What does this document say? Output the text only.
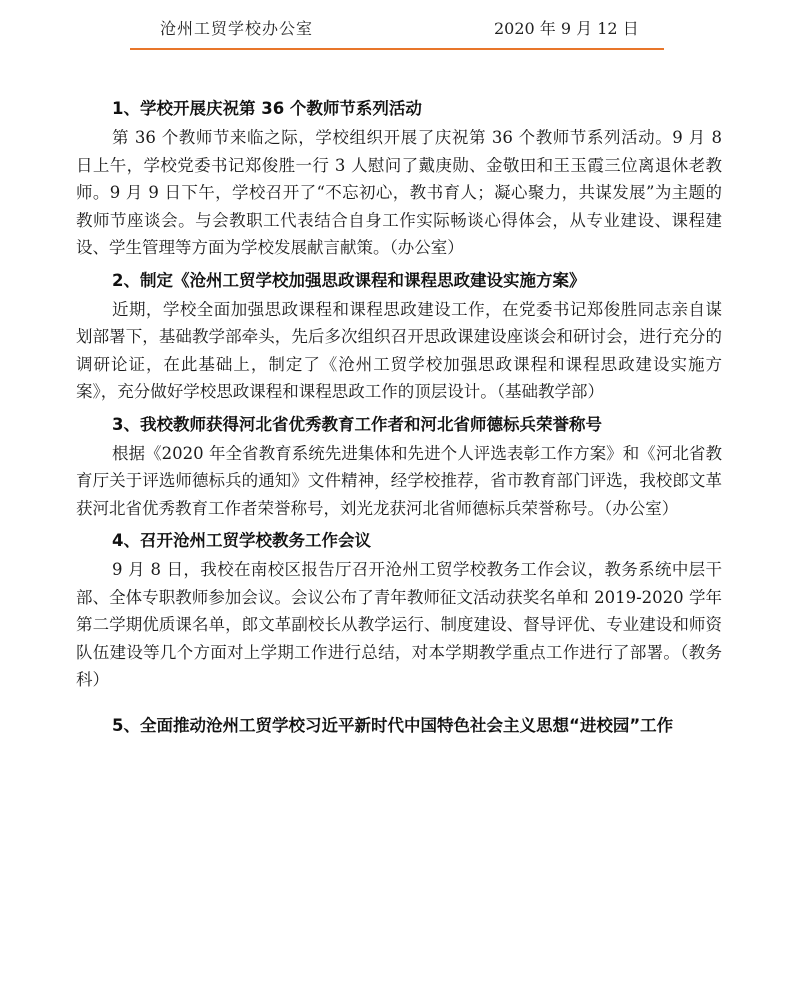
沧州工贸学校办公室	2020 年 9 月 12 日
1、学校开展庆祝第 36 个教师节系列活动

第 36 个教师节来临之际，学校组织开展了庆祝第 36 个教师节系列活动。9 月 8 日上午，学校党委书记郑俊胜一行 3 人慰问了戴庚勋、金敬田和王玉霞三位离退休老教师。9 月 9 日下午，学校召开了“不忘初心，教书育人；凝心聚力，共谋发展”为主题的教师节座谈会。与会教职工代表结合自身工作实际畅谈心得体会，从专业建设、课程建设、学生管理等方面为学校发展献言献策。（办公室）

2、制定《沧州工贸学校加强思政课程和课程思政建设实施方案》

近期，学校全面加强思政课程和课程思政建设工作，在党委书记郑俊胜同志亲自谋划部署下，基础教学部牵头，先后多次组织召开思政课建设座谈会和研讨会，进行充分的调研论证，在此基础上，制定了《沧州工贸学校加强思政课程和课程思政建设实施方案》，充分做好学校思政课程和课程思政工作的顶层设计。（基础教学部）

3、我校教师获得河北省优秀教育工作者和河北省师德标兵荣誉称号

根据《2020 年全省教育系统先进集体和先进个人评选表彰工作方案》和《河北省教育厅关于评选师德标兵的通知》文件精神，经学校推荐，省市教育部门评选，我校郎文革获河北省优秀教育工作者荣誉称号，刘光龙获河北省师德标兵荣誉称号。（办公室）

4、召开沧州工贸学校教务工作会议

9 月 8 日，我校在南校区报告厅召开沧州工贸学校教务工作会议，教务系统中层干部、全体专职教师参加会议。会议公布了青年教师征文活动获奖名单和 2019-2020 学年第二学期优质课名单，郎文革副校长从教学运行、制度建设、督导评优、专业建设和师资队伍建设等几个方面对上学期工作进行总结，对本学期教学重点工作进行了部署。（教务科）

5、全面推动沧州工贸学校习近平新时代中国特色社会主义思想“进校园”工作
